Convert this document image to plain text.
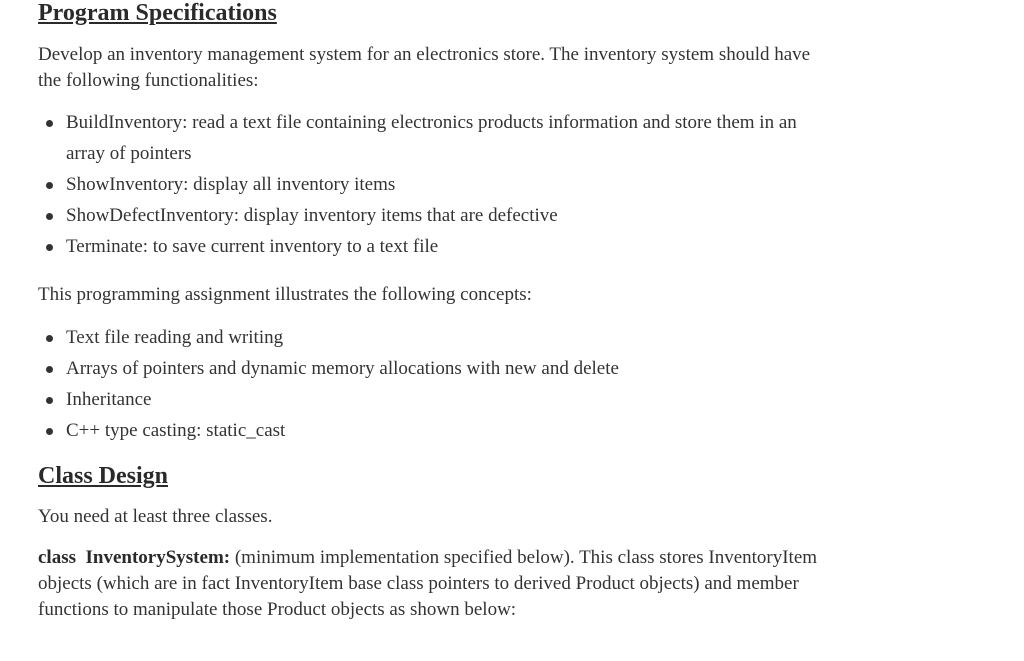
Program Specifications

Develop an inventory management system for an electronics store. The inventory system should have the following functionalities:

BuildInventory: read a text file containing electronics products information and store them in an array of pointers
ShowInventory: display all inventory items
ShowDefectInventory: display inventory items that are defective
Terminate: to save current inventory to a text file

This programming assignment illustrates the following concepts:

Text file reading and writing
Arrays of pointers and dynamic memory allocations with new and delete
Inheritance
C++ type casting: static_cast
Class Design

You need at least three classes.

class  InventorySystem: (minimum implementation specified below). This class stores InventoryItem objects (which are in fact InventoryItem base class pointers to derived Product objects) and member functions to manipulate those Product objects as shown below:
